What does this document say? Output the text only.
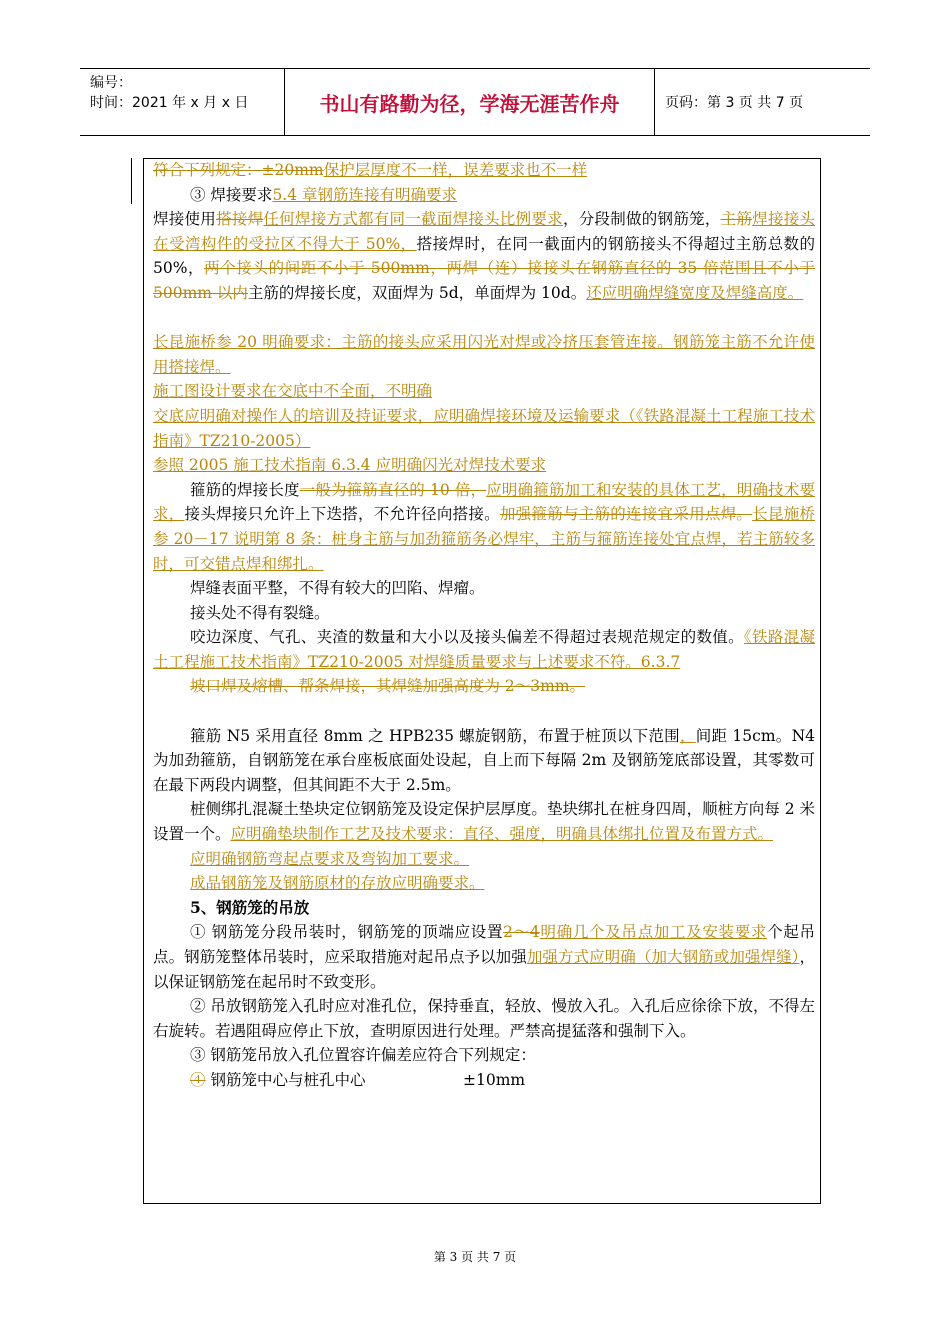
编号：
时间：2021 年 x 月 x 日	书山有路勤为径，学海无涯苦作舟	页码：第 3 页 共 7 页

符合下列规定：±20mm保护层厚度不一样，误差要求也不一样

③ 焊接要求5.4 章钢筋连接有明确要求

焊接使用搭接焊任何焊接方式都有同一截面焊接头比例要求，分段制做的钢筋笼，主筋焊接接头在受湾构件的受拉区不得大于 50%，搭接焊时，在同一截面内的钢筋接头不得超过主筋总数的 50%，两个接头的间距不小于 500mm，两焊（连）接接头在钢筋直径的 35 倍范围且不小于 500mm 以内主筋的焊接长度，双面焊为 5d，单面焊为 10d。还应明确焊缝宽度及焊缝高度。

长昆施桥参 20 明确要求：主筋的接头应采用闪光对焊或冷挤压套管连接。钢筋笼主筋不允许使用搭接焊。

施工图设计要求在交底中不全面，不明确

交底应明确对操作人的培训及持证要求，应明确焊接环境及运输要求（《铁路混凝土工程施工技术指南》TZ210-2005）

参照 2005 施工技术指南 6.3.4 应明确闪光对焊技术要求

箍筋的焊接长度一般为箍筋直径的 10 倍，应明确箍筋加工和安装的具体工艺，明确技术要求，接头焊接只允许上下迭搭，不允许径向搭接。加强箍筋与主筋的连接宜采用点焊。长昆施桥参 20－17 说明第 8 条：桩身主筋与加劲箍筋务必焊牢，主筋与箍筋连接处宜点焊，若主筋较多时，可交错点焊和绑扎。

焊缝表面平整，不得有较大的凹陷、焊瘤。

接头处不得有裂缝。

咬边深度、气孔、夹渣的数量和大小以及接头偏差不得超过表规范规定的数值。《铁路混凝土工程施工技术指南》TZ210-2005 对焊缝质量要求与上述要求不符。6.3.7

坡口焊及熔槽、帮条焊接，其焊缝加强高度为 2～3mm。

箍筋 N5 采用直径 8mm 之 HPB235 螺旋钢筋，布置于桩顶以下范围，间距 15cm。N4 为加劲箍筋，自钢筋笼在承台座板底面处设起，自上而下每隔 2m 及钢筋笼底部设置，其零数可在最下两段内调整，但其间距不大于 2.5m。

桩侧绑扎混凝土垫块定位钢筋笼及设定保护层厚度。垫块绑扎在桩身四周，顺桩方向每 2 米设置一个。应明确垫块制作工艺及技术要求：直径、强度，明确具体绑扎位置及布置方式。

应明确钢筋弯起点要求及弯钩加工要求。

成品钢筋笼及钢筋原材的存放应明确要求。

5、钢筋笼的吊放

① 钢筋笼分段吊装时，钢筋笼的顶端应设置2～4明确几个及吊点加工及安装要求个起吊点。钢筋笼整体吊装时，应采取措施对起吊点予以加强加强方式应明确（加大钢筋或加强焊缝），以保证钢筋笼在起吊时不致变形。

② 吊放钢筋笼入孔时应对准孔位，保持垂直，轻放、慢放入孔。入孔后应徐徐下放，不得左右旋转。若遇阻碍应停止下放，查明原因进行处理。严禁高提猛落和强制下入。

③ 钢筋笼吊放入孔位置容许偏差应符合下列规定：

④ 钢筋笼中心与桩孔中心	±10mm
第 3 页 共 7 页
